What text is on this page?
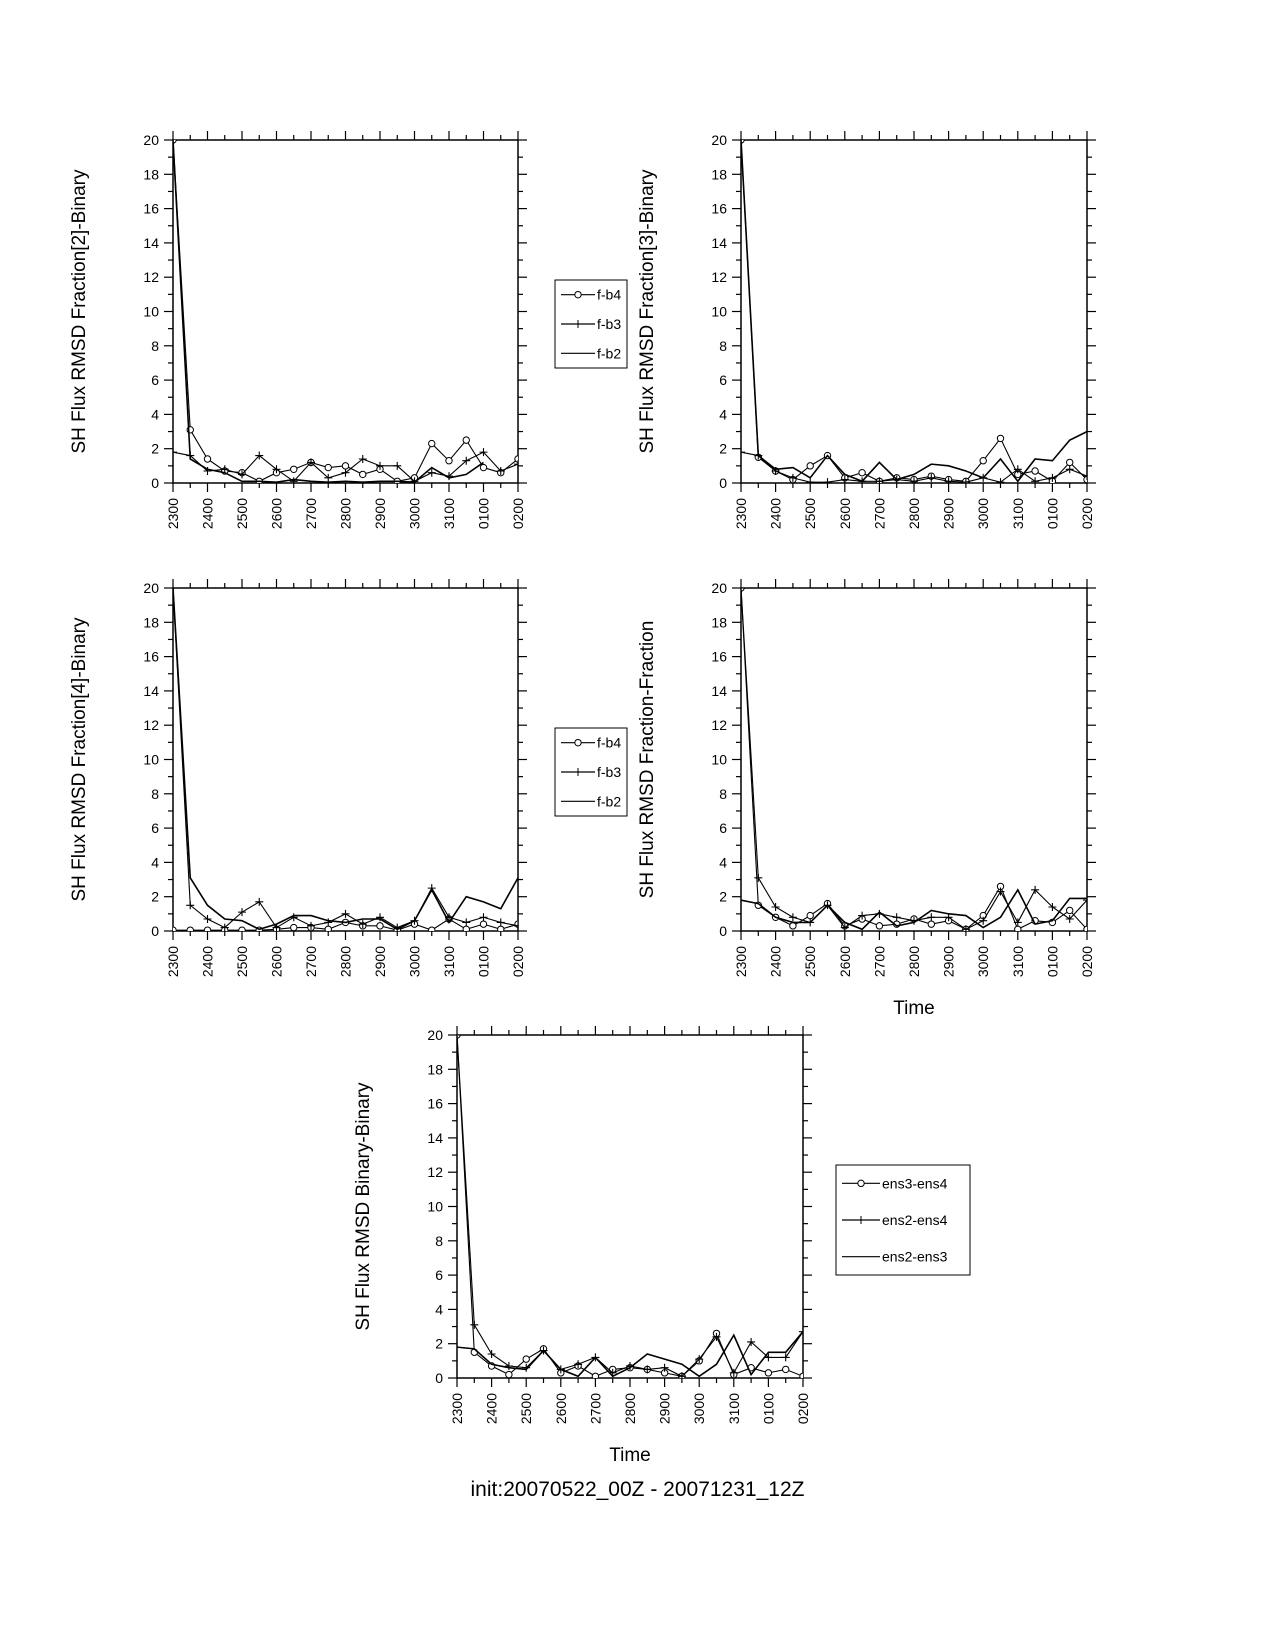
0
2
4
6
8
10
12
14
16
18
20
2300 2400 2500 2600 2700 2800 2900 3000 3100 0100 0200
SH Flux RMSD Fraction[2]-Binary	f-b4
f-b3
f-b2
0
2
4
6
8
10
12
14
16
18
20
2300 2400 2500 2600 2700 2800 2900 3000 3100 0100 0200
SH Flux RMSD Fraction[3]-Binary
0
2
4
6
8
10
12
14
16
18
20
2300 2400 2500 2600 2700 2800 2900 3000 3100 0100 0200
SH Flux RMSD Fraction[4]-Binary	f-b4
f-b3
f-b2
0
2
4
6
8
10
12
14
16
18
20
2300 2400 2500 2600 2700 2800 2900 3000 3100 0100 0200
SH Flux RMSD Fraction-Fraction
Time
0
2
4
6
8
10
12
14
16
18
20
2300 2400 2500 2600 2700 2800 2900 3000 3100 0100 0200
SH Flux RMSD Binary-Binary
Time
ens3-ens4
ens2-ens4
ens2-ens3
init:20070522_00Z - 20071231_12Z
